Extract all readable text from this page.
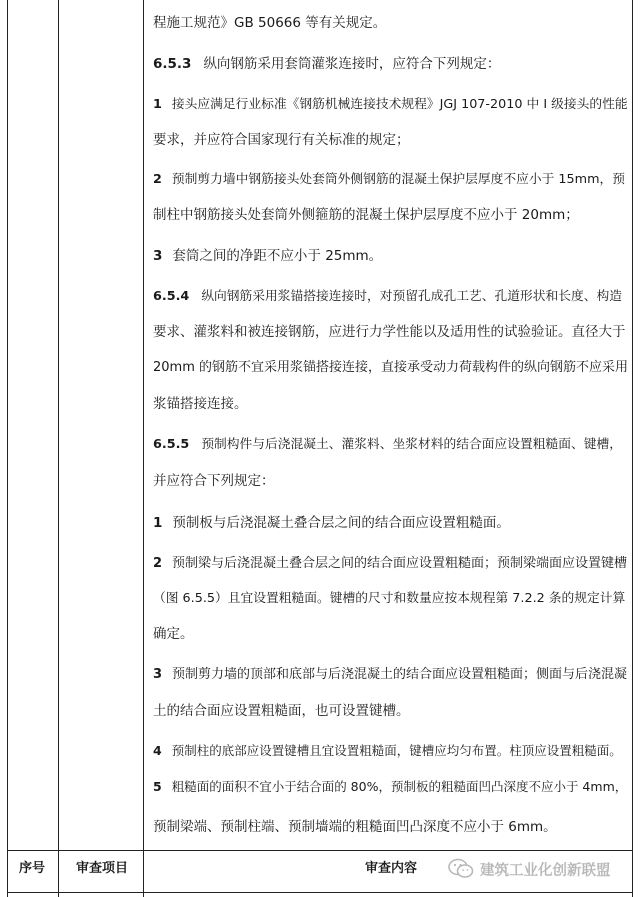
程施工规范》GB 50666 等有关规定。
6.5.3 纵向钢筋采用套筒灌浆连接时，应符合下列规定：
1 接头应满足行业标准《钢筋机械连接技术规程》JGJ 107-2010 中 I 级接头的性能
要求，并应符合国家现行有关标准的规定；
2 预制剪力墙中钢筋接头处套筒外侧钢筋的混凝土保护层厚度不应小于 15mm，预
制柱中钢筋接头处套筒外侧箍筋的混凝土保护层厚度不应小于 20mm；
3 套筒之间的净距不应小于 25mm。
6.5.4 纵向钢筋采用浆锚搭接连接时，对预留孔成孔工艺、孔道形状和长度、构造
要求、灌浆料和被连接钢筋，应进行力学性能以及适用性的试验验证。直径大于
20mm 的钢筋不宜采用浆锚搭接连接，直接承受动力荷载构件的纵向钢筋不应采用
浆锚搭接连接。
6.5.5 预制构件与后浇混凝土、灌浆料、坐浆材料的结合面应设置粗糙面、键槽，
并应符合下列规定：
1 预制板与后浇混凝土叠合层之间的结合面应设置粗糙面。
2 预制梁与后浇混凝土叠合层之间的结合面应设置粗糙面；预制梁端面应设置键槽
（图 6.5.5）且宜设置粗糙面。键槽的尺寸和数量应按本规程第 7.2.2 条的规定计算
确定。
3 预制剪力墙的顶部和底部与后浇混凝土的结合面应设置粗糙面；侧面与后浇混凝
土的结合面应设置粗糙面，也可设置键槽。
4 预制柱的底部应设置键槽且宜设置粗糙面，键槽应均匀布置。柱顶应设置粗糙面。
5 粗糙面的面积不宜小于结合面的 80%，预制板的粗糙面凹凸深度不应小于 4mm，
预制梁端、预制柱端、预制墙端的粗糙面凹凸深度不应小于 6mm。
序号 审查项目	审查内容	建筑工业化创新联盟
